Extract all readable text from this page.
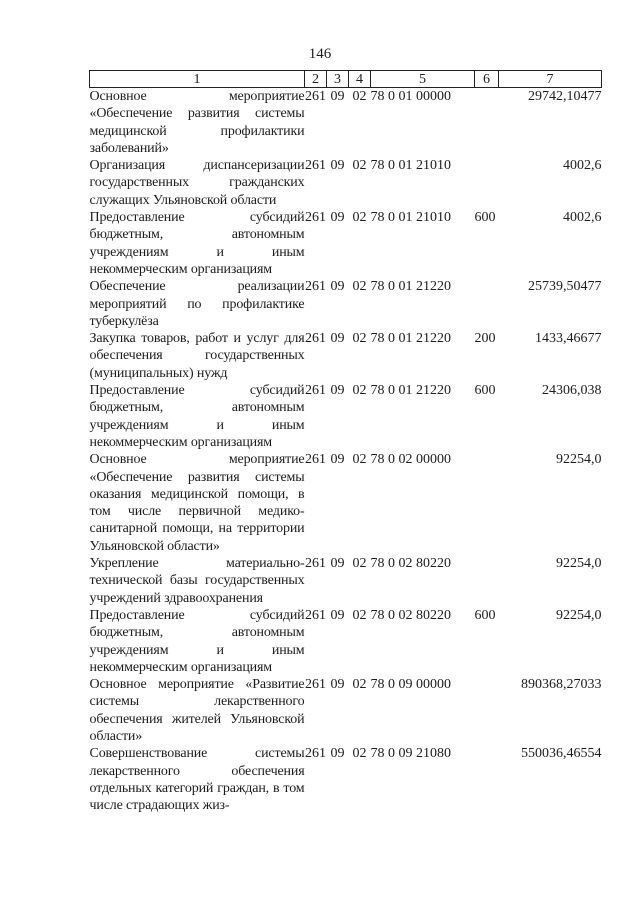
146
1	2	3	4	5	6	7
Основное мероприятие «Обеспечение развития системы медицинской профилактики заболеваний»	261	09	02	78 0 01 00000		29742,10477
Организация диспансеризации государственных гражданских служащих Ульяновской области	261	09	02	78 0 01 21010		4002,6
Предоставление субсидий бюджетным, автономным учреждениям и иным некоммерческим организациям	261	09	02	78 0 01 21010	600	4002,6
Обеспечение реализации мероприятий по профилактике туберкулёза	261	09	02	78 0 01 21220		25739,50477
Закупка товаров, работ и услуг для обеспечения государственных (муниципальных) нужд	261	09	02	78 0 01 21220	200	1433,46677
Предоставление субсидий бюджетным, автономным учреждениям и иным некоммерческим организациям	261	09	02	78 0 01 21220	600	24306,038
Основное мероприятие «Обеспечение развития системы оказания медицинской помощи, в том числе первичной медико-санитарной помощи, на территории Ульяновской области»	261	09	02	78 0 02 00000		92254,0
Укрепление материально-технической базы государственных учреждений здравоохранения	261	09	02	78 0 02 80220		92254,0
Предоставление субсидий бюджетным, автономным учреждениям и иным некоммерческим организациям	261	09	02	78 0 02 80220	600	92254,0
Основное мероприятие «Развитие системы лекарственного обеспечения жителей Ульяновской области»	261	09	02	78 0 09 00000		890368,27033
Совершенствование системы лекарственного обеспечения отдельных категорий граждан, в том числе страдающих жиз-	261	09	02	78 0 09 21080		550036,46554
